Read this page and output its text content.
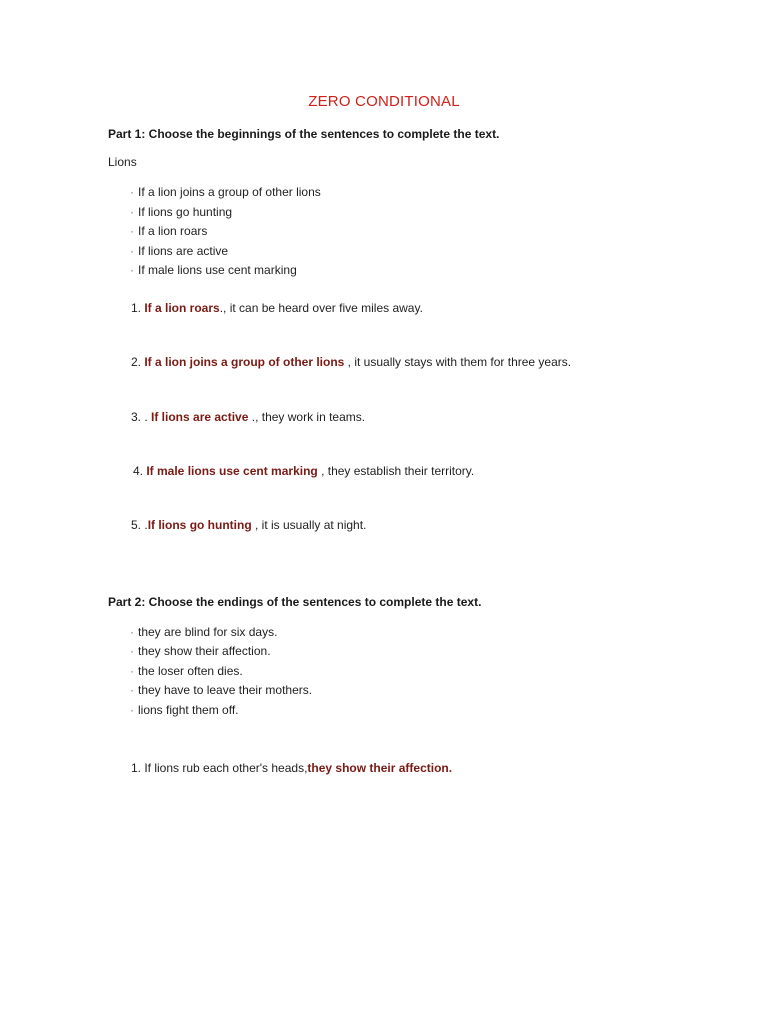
ZERO CONDITIONAL
Part 1: Choose the beginnings of the sentences to complete the text.
Lions
· If a lion joins a group of other lions
· If lions go hunting
· If a lion roars
· If lions are active
· If male lions use cent marking
1. If a lion roars., it can be heard over five miles away.
2. If a lion joins a group of other lions , it usually stays with them for three years.
3. . If lions are active ., they work in teams.
4. If male lions use cent marking , they establish their territory.
5. .If lions go hunting , it is usually at night.
Part 2: Choose the endings of the sentences to complete the text.
· they are blind for six days.
· they show their affection.
· the loser often dies.
· they have to leave their mothers.
· lions fight them off.
1. If lions rub each other's heads,they show their affection.
